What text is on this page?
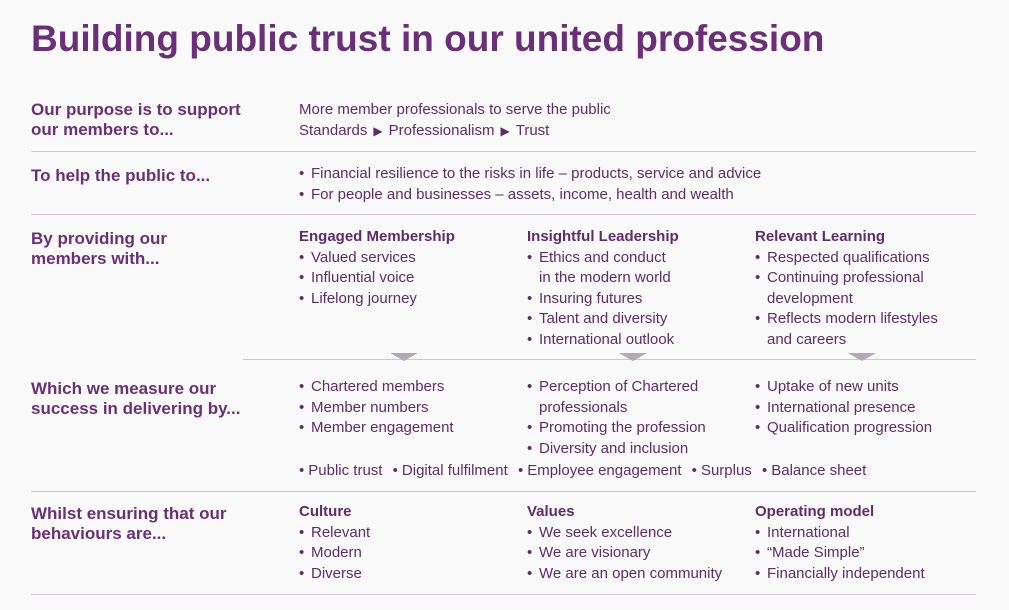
Building public trust in our united profession
Our purpose is to support
our members to...
More member professionals to serve the public
Standards ▶ Professionalism ▶ Trust
To help the public to...	• Financial resilience to the risks in life – products, service and advice
• For people and businesses – assets, income, health and wealth
By providing our
members with...
Engaged Membership
• Valued services
• Influential voice
• Lifelong journey
Insightful Leadership
• Ethics and conduct
in the modern world
• Insuring futures
• Talent and diversity
• International outlook
Relevant Learning
• Respected qualifications
• Continuing professional
development
• Reflects modern lifestyles
and careers
Which we measure our
success in delivering by...
• Chartered members
• Member numbers
• Member engagement
• Perception of Chartered
professionals
• Promoting the profession
• Diversity and inclusion
• Uptake of new units
• International presence
• Qualification progression
• Public trust • Digital fulfilment • Employee engagement • Surplus • Balance sheet
Whilst ensuring that our
behaviours are...
Culture
• Relevant
• Modern
• Diverse
Values
• We seek excellence
• We are visionary
• We are an open community
Operating model
• International
• “Made Simple”
• Financially independent
